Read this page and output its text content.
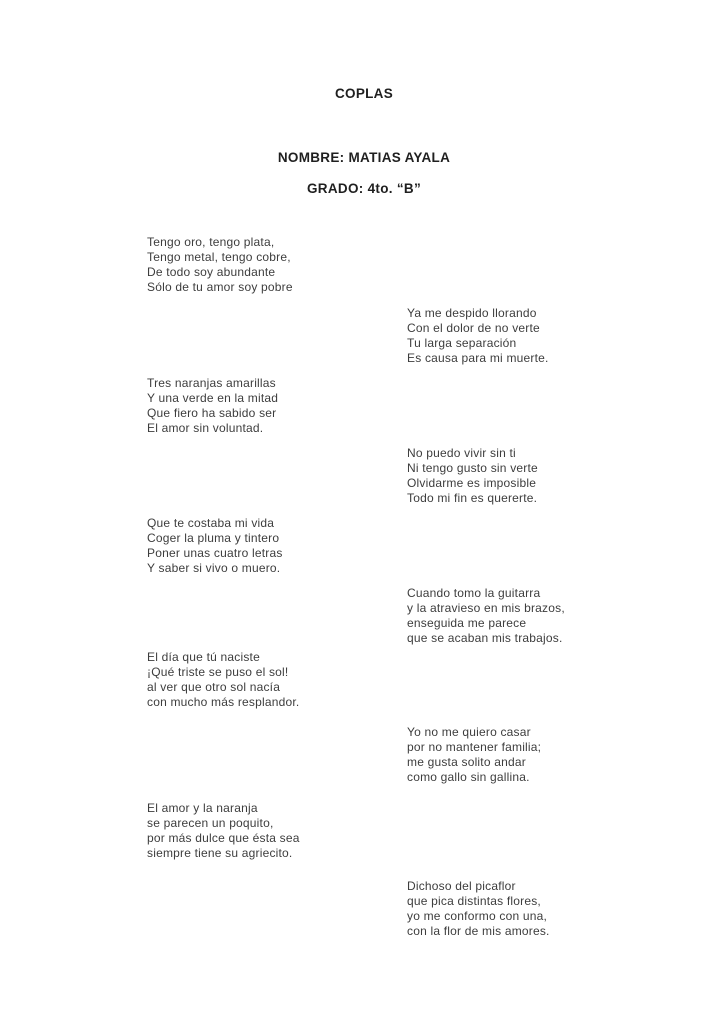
COPLAS
NOMBRE: MATIAS AYALA
GRADO: 4to. “B”
Tengo oro, tengo plata,
Tengo metal, tengo cobre,
De todo soy abundante
Sólo de tu amor soy pobre
Ya me despido llorando
Con el dolor de no verte
Tu larga separación
Es causa para mi muerte.
Tres naranjas amarillas
Y una verde en la mitad
Que fiero ha sabido ser
El amor sin voluntad.
No puedo vivir sin ti
Ni tengo gusto sin verte
Olvidarme es imposible
Todo mi fin es quererte.
Que te costaba mi vida
Coger la pluma y tintero
Poner unas cuatro letras
Y saber si vivo o muero.
Cuando tomo la guitarra
y la atravieso en mis brazos,
enseguida me parece
que se acaban mis trabajos.
El día que tú naciste
¡Qué triste se puso el sol!
al ver que otro sol nacía
con mucho más resplandor.
Yo no me quiero casar
por no mantener familia;
me gusta solito andar
como gallo sin gallina.
El amor y la naranja
se parecen un poquito,
por más dulce que ésta sea
siempre tiene su agriecito.
Dichoso del picaflor
que pica distintas flores,
yo me conformo con una,
con la flor de mis amores.
